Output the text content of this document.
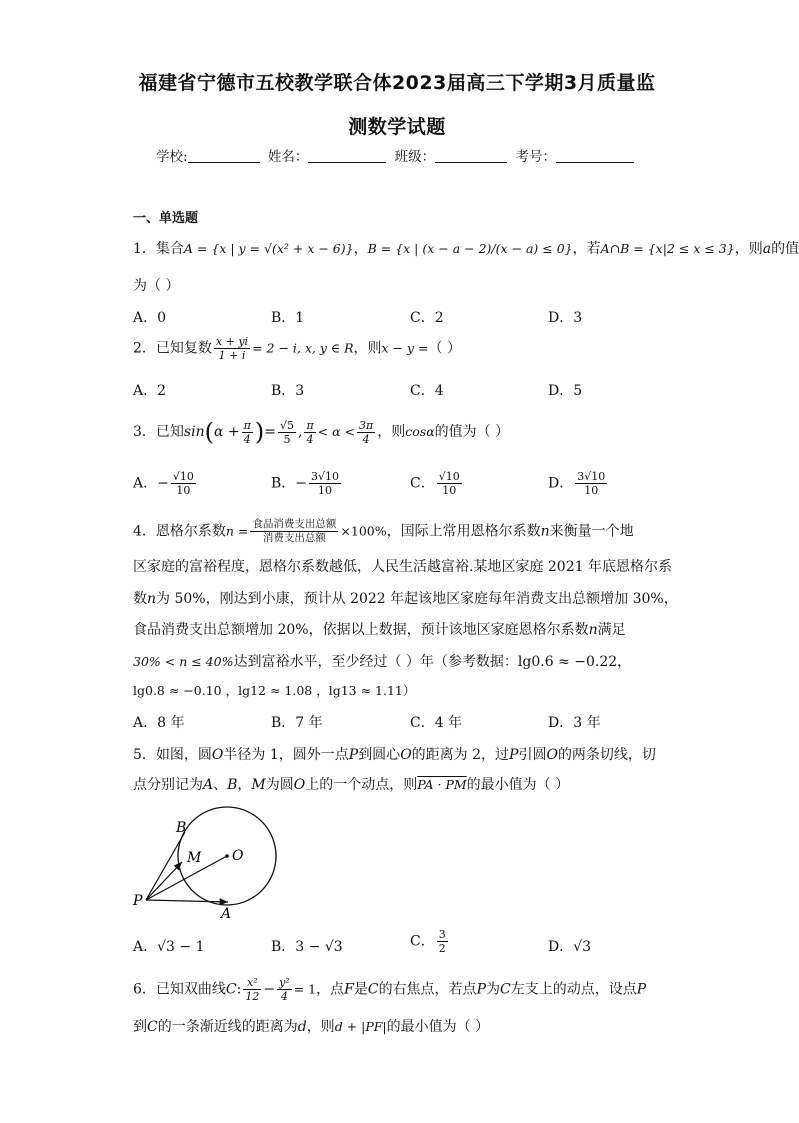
福建省宁德市五校教学联合体2023届高三下学期3月质量监
测数学试题
学校:	姓名：	班级：	考号：
一、单选题
1．集合A = {x | y = √(x² + x − 6)}，B = {x | (x − a − 2)/(x − a) ≤ 0}，若A∩B = {x|2 ≤ x ≤ 3}，则a的值
为（ ）
A．0	B．1	C．2	D．3
2．已知复数 $\frac{x + yi}{1 + i} = 2 - i$, x, y ∈ R，则x − y =（ ）
A．2	B．3	C．4	D．5
3．已知$\sin(\alpha + \frac{\pi}{4}$ )= $\frac{√5}{5}$ , $\frac{\pi}{4} < \alpha < \frac{3\pi}{4}$ ，则cosα的值为（ ）
A．− $\frac{√10}{10}$	B．− $\frac{3√10}{10}$	C． $\frac{√10}{10}$	D． $\frac{3√10}{10}$
4．恩格尔系数$n = \frac{\text{食品消费支出总额}}{\text{消费支出总额}} \times 100\%$，国际上常用恩格尔系数n来衡量一个地
区家庭的富裕程度，恩格尔系数越低，人民生活越富裕.某地区家庭 2021 年底恩格尔系
数n为 50%，刚达到小康，预计从 2022 年起该地区家庭每年消费支出总额增加 30%，
食品消费支出总额增加 20%，依据以上数据，预计该地区家庭恩格尔系数n满足
30% < n ≤ 40%达到富裕水平，至少经过（ ）年（参考数据：lg0.6 ≈ −0.22，
lg0.8 ≈ −0.10 ，lg12 ≈ 1.08 ，lg13 ≈ 1.11）
A．8 年	B．7 年	C．4 年	D．3 年
5．如图，圆O半径为 1，圆外一点P到圆心O的距离为 2，过P引圆O的两条切线，切
点分别记为A、B，M为圆O上的一个动点，则PA · PM的最小值为（ ）
B
M O
P
A
A．√3 − 1	B．3 − √3	C． $\frac{3}{2}$	D．√3
6．已知双曲线C: $\frac{\text{x²}}{12} - \frac{\text{y²}}{4} = 1$，点F是C的右焦点，若点P为C左支上的动点，设点P
到C的一条渐近线的距离为d，则d + |PF|的最小值为（ ）
